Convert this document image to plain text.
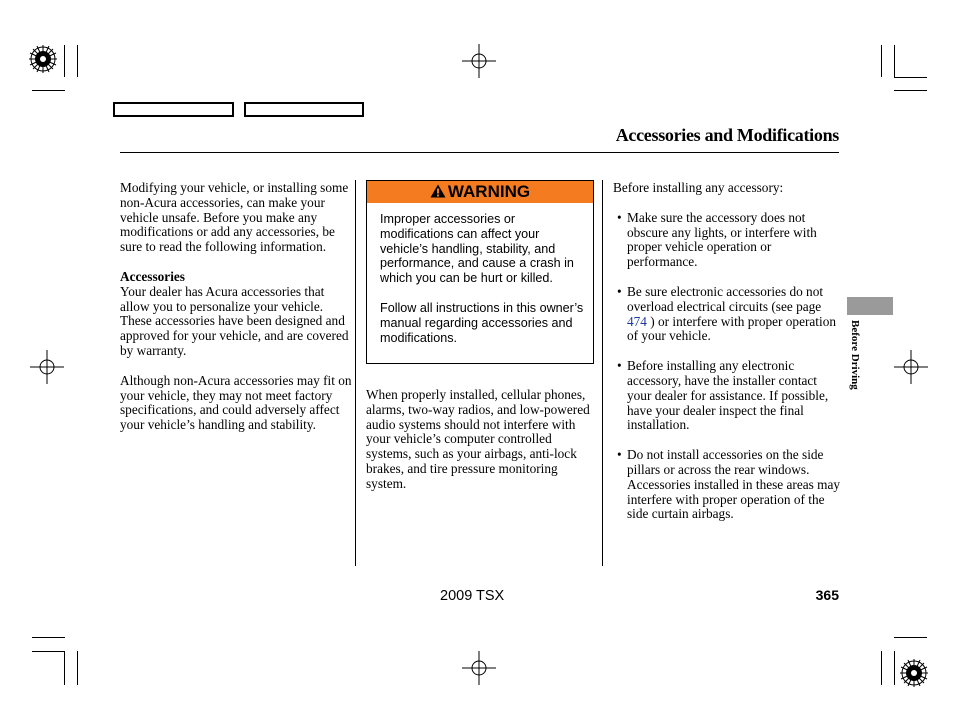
Accessories and Modifications

Modifying your vehicle, or installing some non-Acura accessories, can make your vehicle unsafe. Before you make any modifications or add any accessories, be sure to read the following information.

Accessories

Your dealer has Acura accessories that allow you to personalize your vehicle. These accessories have been designed and approved for your vehicle, and are covered by warranty.

Although non-Acura accessories may fit on your vehicle, they may not meet factory specifications, and could adversely affect your vehicle’s handling and stability.

WARNING

Improper accessories or modifications can affect your vehicle’s handling, stability, and performance, and cause a crash in which you can be hurt or killed.

Follow all instructions in this owner’s manual regarding accessories and modifications.

When properly installed, cellular phones, alarms, two-way radios, and low-powered audio systems should not interfere with your vehicle’s computer controlled systems, such as your airbags, anti-lock brakes, and tire pressure monitoring system.

Before installing any accessory:

• Make sure the accessory does not obscure any lights, or interfere with proper vehicle operation or performance.
• Be sure electronic accessories do not overload electrical circuits (see page 474 ) or interfere with proper operation of your vehicle.
• Before installing any electronic accessory, have the installer contact your dealer for assistance. If possible, have your dealer inspect the final installation.
• Do not install accessories on the side pillars or across the rear windows. Accessories installed in these areas may interfere with proper operation of the side curtain airbags.
Before Driving
2009 TSX	365
